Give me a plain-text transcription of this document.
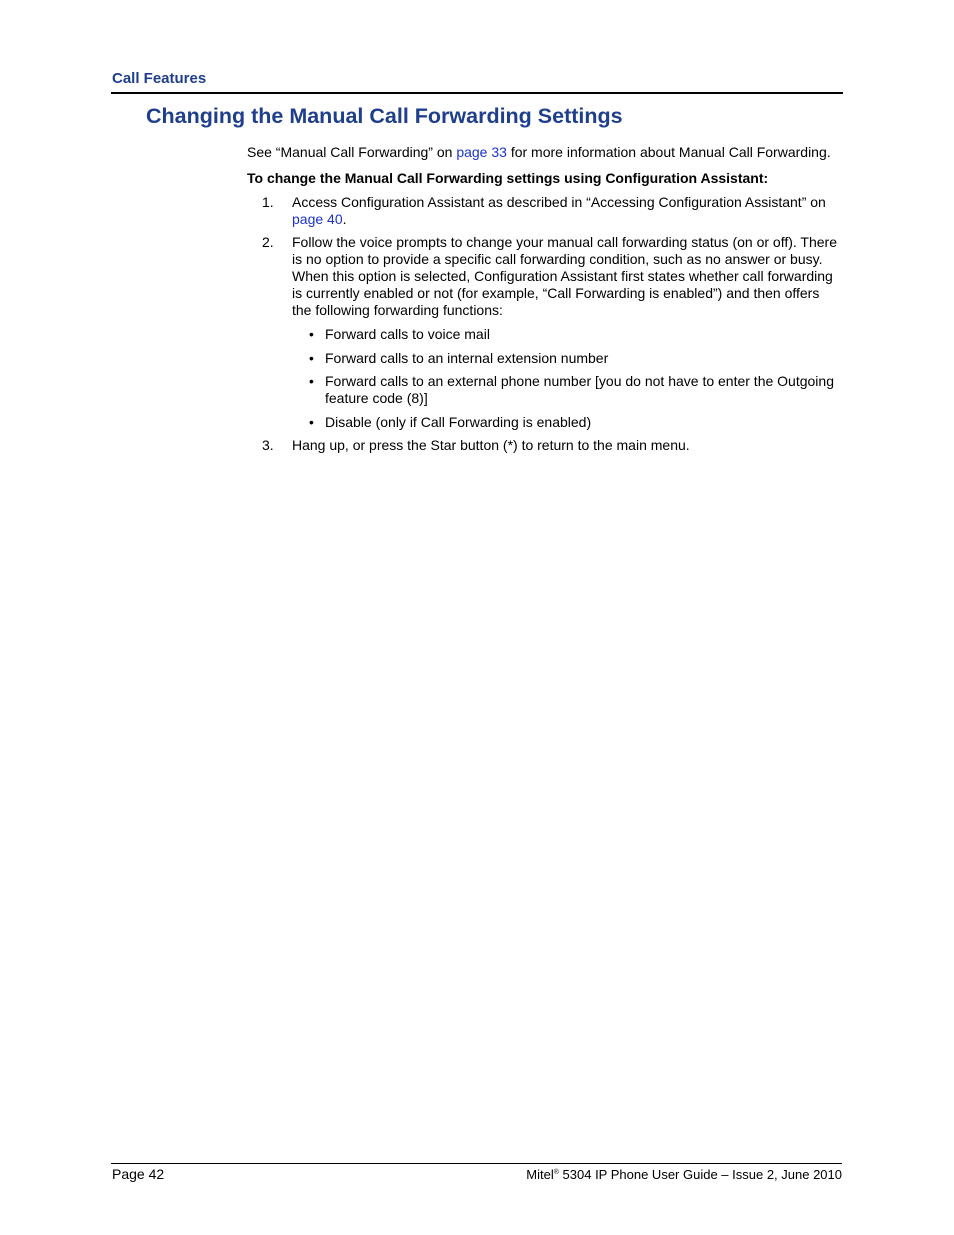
Call Features
Changing the Manual Call Forwarding Settings
See “Manual Call Forwarding” on page 33 for more information about Manual Call Forwarding.
To change the Manual Call Forwarding settings using Configuration Assistant:
1. Access Configuration Assistant as described in “Accessing Configuration Assistant” on
page 40.
2. Follow the voice prompts to change your manual call forwarding status (on or off). There
is no option to provide a specific call forwarding condition, such as no answer or busy.
When this option is selected, Configuration Assistant first states whether call forwarding
is currently enabled or not (for example, “Call Forwarding is enabled”) and then offers
the following forwarding functions:
• Forward calls to voice mail
• Forward calls to an internal extension number
• Forward calls to an external phone number [you do not have to enter the Outgoing
feature code (8)]
• Disable (only if Call Forwarding is enabled)
3. Hang up, or press the Star button (*) to return to the main menu.
Page 42	Mitel® 5304 IP Phone User Guide – Issue 2, June 2010
